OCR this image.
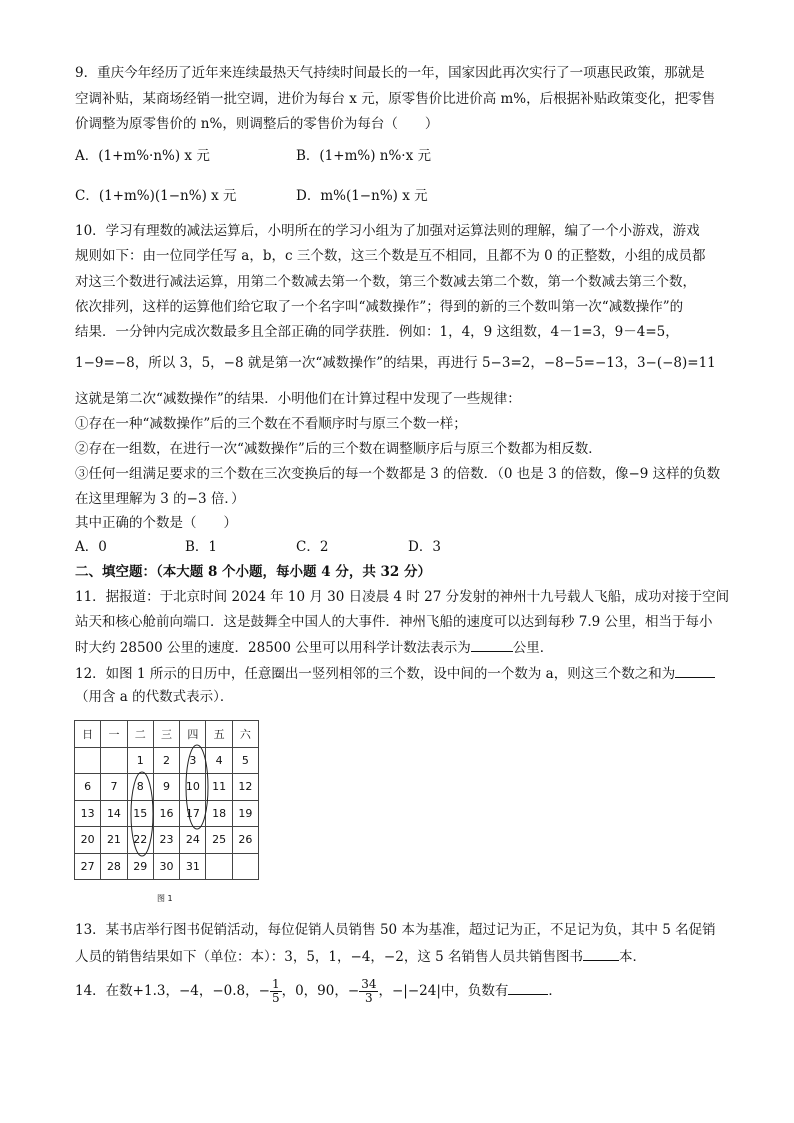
9．重庆今年经历了近年来连续最热天气持续时间最长的一年，国家因此再次实行了一项惠民政策，那就是
空调补贴，某商场经销一批空调，进价为每台 x 元，原零售价比进价高 m%，后根据补贴政策变化，把零售
价调整为原零售价的 n%，则调整后的零售价为每台（　　）
A．(1+m%·n%) x 元	B．(1+m%) n%·x 元
C．(1+m%)(1−n%) x 元	D．m%(1−n%) x 元
10．学习有理数的减法运算后，小明所在的学习小组为了加强对运算法则的理解，编了一个小游戏，游戏
规则如下：由一位同学任写 a，b，c 三个数，这三个数是互不相同，且都不为 0 的正整数，小组的成员都
对这三个数进行减法运算，用第二个数减去第一个数，第三个数减去第二个数，第一个数减去第三个数，
依次排列，这样的运算他们给它取了一个名字叫“减数操作”；得到的新的三个数叫第一次“减数操作”的
结果．一分钟内完成次数最多且全部正确的同学获胜．例如：1，4，9 这组数，4－1=3，9－4=5，
1−9=−8，所以 3，5，−8 就是第一次“减数操作”的结果，再进行 5−3=2，−8−5=−13，3−(−8)=11
这就是第二次“减数操作”的结果．小明他们在计算过程中发现了一些规律：
①存在一种“减数操作”后的三个数在不看顺序时与原三个数一样；
②存在一组数，在进行一次“减数操作”后的三个数在调整顺序后与原三个数都为相反数．
③任何一组满足要求的三个数在三次变换后的每一个数都是 3 的倍数．（0 也是 3 的倍数，像−9 这样的负数
在这里理解为 3 的−3 倍．）
其中正确的个数是（　　）
A．0	B．1	C．2	D．3
二、填空题：（本大题 8 个小题，每小题 4 分，共 32 分）
11．据报道：于北京时间 2024 年 10 月 30 日凌晨 4 时 27 分发射的神州十九号载人飞船，成功对接于空间
站天和核心舱前向端口．这是鼓舞全中国人的大事件．神州飞船的速度可以达到每秒 7.9 公里，相当于每小
时大约 28500 公里的速度．28500 公里可以用科学计数法表示为	公里．
12．如图 1 所示的日历中，任意圈出一竖列相邻的三个数，设中间的一个数为 a，则这三个数之和为
（用含 a 的代数式表示）．
日	一	二	三	四	五	六
		1	2	3	4	5
6	7	8	9	10	11	12
13	14	15	16	17	18	19
20	21	22	23	24	25	26
27	28	29	30	31		
图 1
13．某书店举行图书促销活动，每位促销人员销售 50 本为基准，超过记为正，不足记为负，其中 5 名促销
人员的销售结果如下（单位：本）：3，5，1，−4，−2，这 5 名销售人员共销售图书	本．
14．在数+1.3，−4，−0.8，− $\frac{1}{5}$ ，0，90，− $\frac{34}{3}$ ，−|−24|中，负数有	．
